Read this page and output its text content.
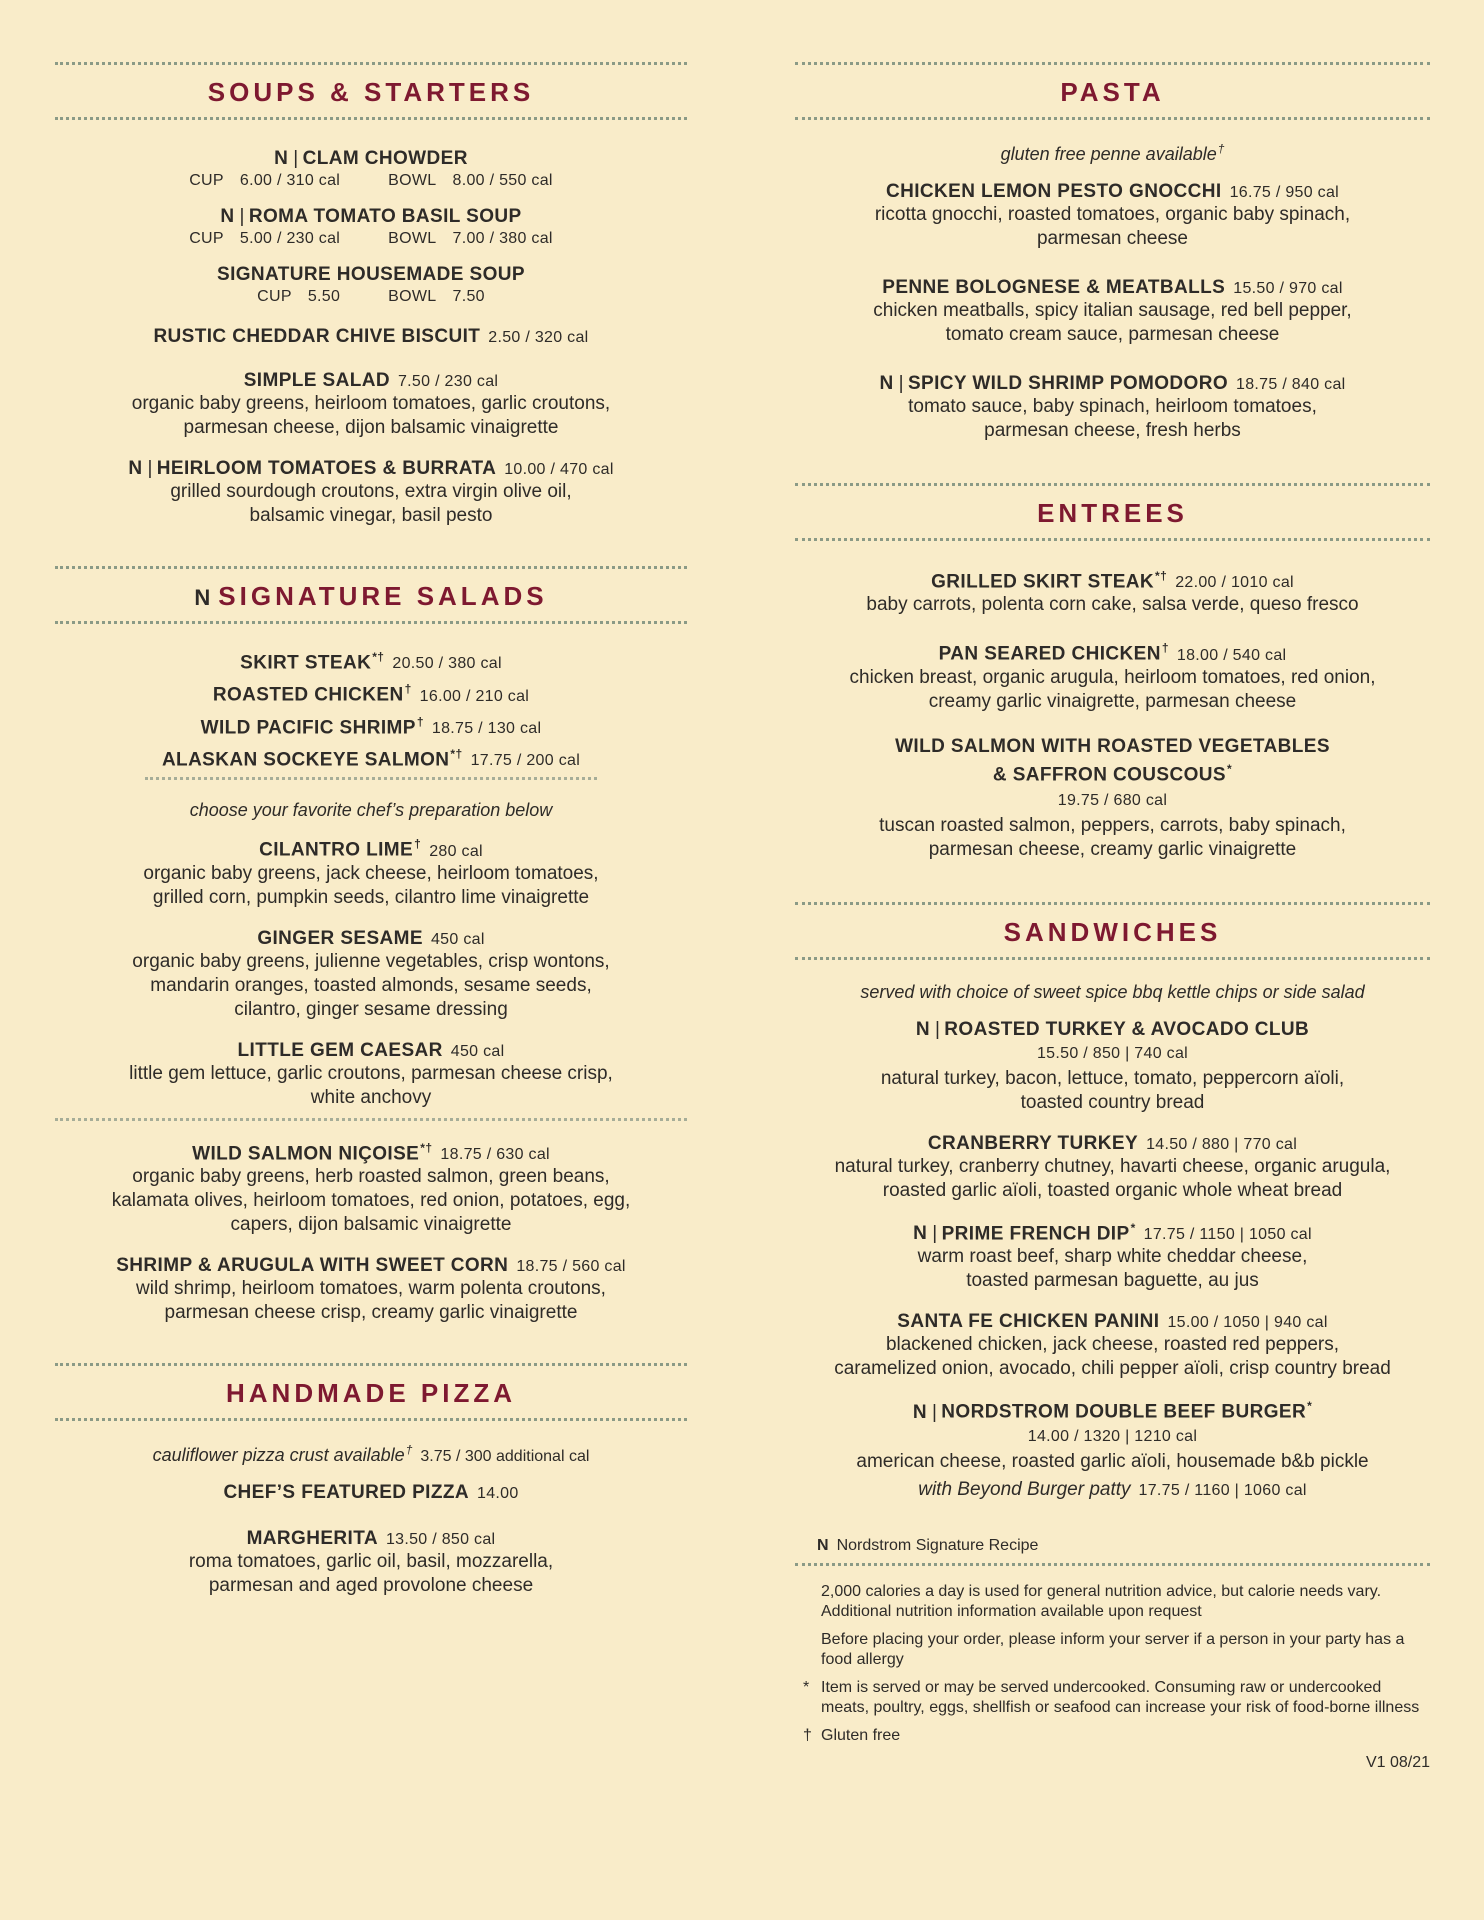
SOUPS & STARTERS
N | CLAM CHOWDER
CUP 6.00 / 310 cal	BOWL 8.00 / 550 cal
N | ROMA TOMATO BASIL SOUP
CUP 5.00 / 230 cal	BOWL 7.00 / 380 cal
SIGNATURE HOUSEMADE SOUP
CUP 5.50	BOWL 7.50
RUSTIC CHEDDAR CHIVE BISCUIT 2.50 / 320 cal
SIMPLE SALAD 7.50 / 230 cal
organic baby greens, heirloom tomatoes, garlic croutons,
parmesan cheese, dijon balsamic vinaigrette
N | HEIRLOOM TOMATOES & BURRATA 10.00 / 470 cal
grilled sourdough croutons, extra virgin olive oil,
balsamic vinegar, basil pesto
N SIGNATURE SALADS
SKIRT STEAK*† 20.50 / 380 cal
ROASTED CHICKEN† 16.00 / 210 cal
WILD PACIFIC SHRIMP† 18.75 / 130 cal
ALASKAN SOCKEYE SALMON*† 17.75 / 200 cal
choose your favorite chef’s preparation below
CILANTRO LIME† 280 cal
organic baby greens, jack cheese, heirloom tomatoes,
grilled corn, pumpkin seeds, cilantro lime vinaigrette
GINGER SESAME 450 cal
organic baby greens, julienne vegetables, crisp wontons,
mandarin oranges, toasted almonds, sesame seeds,
cilantro, ginger sesame dressing
LITTLE GEM CAESAR 450 cal
little gem lettuce, garlic croutons, parmesan cheese crisp,
white anchovy
WILD SALMON NIÇOISE*† 18.75 / 630 cal
organic baby greens, herb roasted salmon, green beans,
kalamata olives, heirloom tomatoes, red onion, potatoes, egg,
capers, dijon balsamic vinaigrette
SHRIMP & ARUGULA WITH SWEET CORN 18.75 / 560 cal
wild shrimp, heirloom tomatoes, warm polenta croutons,
parmesan cheese crisp, creamy garlic vinaigrette
HANDMADE PIZZA
cauliflower pizza crust available† 3.75 / 300 additional cal
CHEF’S FEATURED PIZZA 14.00
MARGHERITA 13.50 / 850 cal
roma tomatoes, garlic oil, basil, mozzarella,
parmesan and aged provolone cheese
PASTA
gluten free penne available†
CHICKEN LEMON PESTO GNOCCHI 16.75 / 950 cal
ricotta gnocchi, roasted tomatoes, organic baby spinach,
parmesan cheese
PENNE BOLOGNESE & MEATBALLS 15.50 / 970 cal
chicken meatballs, spicy italian sausage, red bell pepper,
tomato cream sauce, parmesan cheese
N | SPICY WILD SHRIMP POMODORO 18.75 / 840 cal
tomato sauce, baby spinach, heirloom tomatoes,
parmesan cheese, fresh herbs
ENTREES
GRILLED SKIRT STEAK*† 22.00 / 1010 cal
baby carrots, polenta corn cake, salsa verde, queso fresco
PAN SEARED CHICKEN† 18.00 / 540 cal
chicken breast, organic arugula, heirloom tomatoes, red onion,
creamy garlic vinaigrette, parmesan cheese
WILD SALMON WITH ROASTED VEGETABLES
& SAFFRON COUSCOUS*
19.75 / 680 cal
tuscan roasted salmon, peppers, carrots, baby spinach,
parmesan cheese, creamy garlic vinaigrette
SANDWICHES
served with choice of sweet spice bbq kettle chips or side salad
N | ROASTED TURKEY & AVOCADO CLUB
15.50 / 850 | 740 cal
natural turkey, bacon, lettuce, tomato, peppercorn aïoli,
toasted country bread
CRANBERRY TURKEY 14.50 / 880 | 770 cal
natural turkey, cranberry chutney, havarti cheese, organic arugula,
roasted garlic aïoli, toasted organic whole wheat bread
N | PRIME FRENCH DIP* 17.75 / 1150 | 1050 cal
warm roast beef, sharp white cheddar cheese,
toasted parmesan baguette, au jus
SANTA FE CHICKEN PANINI 15.00 / 1050 | 940 cal
blackened chicken, jack cheese, roasted red peppers,
caramelized onion, avocado, chili pepper aïoli, crisp country bread
N | NORDSTROM DOUBLE BEEF BURGER*
14.00 / 1320 | 1210 cal
american cheese, roasted garlic aïoli, housemade b&b pickle
with Beyond Burger patty 17.75 / 1160 | 1060 cal
N Nordstrom Signature Recipe
2,000 calories a day is used for general nutrition advice, but calorie needs vary. Additional nutrition information available upon request
Before placing your order, please inform your server if a person in your party has a food allergy
* Item is served or may be served undercooked. Consuming raw or undercooked meats, poultry, eggs, shellfish or seafood can increase your risk of food-borne illness
† Gluten free
V1 08/21
